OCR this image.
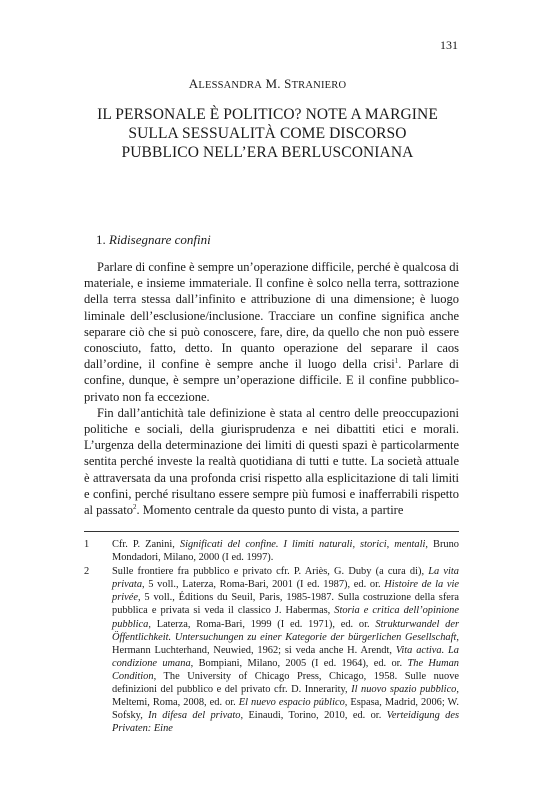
131
ALESSANDRA M. STRANIERO
IL PERSONALE È POLITICO? NOTE A MARGINE
SULLA SESSUALITÀ COME DISCORSO
PUBBLICO NELL’ERA BERLUSCONIANA
1. Ridisegnare confini

Parlare di confine è sempre un’operazione difficile, perché è qualcosa di materiale, e insieme immateriale. Il confine è solco nella terra, sottrazione della terra stessa dall’infinito e attribuzione di una dimensione; è luogo liminale dell’esclusione/inclusione. Tracciare un confine significa anche separare ciò che si può conoscere, fare, dire, da quello che non può essere conosciuto, fatto, detto. In quanto operazione del separare il caos dall’ordine, il confine è sempre anche il luogo della crisi$^1$. Parlare di confine, dunque, è sempre un’operazione difficile. E il confine pubblico-privato non fa eccezione.

Fin dall’antichità tale definizione è stata al centro delle preoccupazioni politiche e sociali, della giurisprudenza e nei dibattiti etici e morali. L’urgenza della determinazione dei limiti di questi spazi è particolarmente sentita perché investe la realtà quotidiana di tutti e tutte. La società attuale è attraversata da una profonda crisi rispetto alla esplicitazione di tali limiti e confini, perché risultano essere sempre più fumosi e inafferrabili rispetto al passato$^2$. Momento centrale da questo punto di vista, a partire

1	Cfr. P. Zanini, Significati del confine. I limiti naturali, storici, mentali, Bruno Mondadori, Milano, 2000 (I ed. 1997).
2	Sulle frontiere fra pubblico e privato cfr. P. Ariès, G. Duby (a cura di), La vita privata, 5 voll., Laterza, Roma-Bari, 2001 (I ed. 1987), ed. or. Histoire de la vie privée, 5 voll., Éditions du Seuil, Paris, 1985-1987. Sulla costruzione della sfera pubblica e privata si veda il classico J. Habermas, Storia e critica dell’opinione pubblica, Laterza, Roma-Bari, 1999 (I ed. 1971), ed. or. Strukturwandel der Öffentlichkeit. Untersuchungen zu einer Kategorie der bürgerlichen Gesellschaft, Hermann Luchterhand, Neuwied, 1962; si veda anche H. Arendt, Vita activa. La condizione umana, Bompiani, Milano, 2005 (I ed. 1964), ed. or. The Human Condition, The University of Chicago Press, Chicago, 1958. Sulle nuove definizioni del pubblico e del privato cfr. D. Innerarity, Il nuovo spazio pubblico, Meltemi, Roma, 2008, ed. or. El nuevo espacio público, Espasa, Madrid, 2006; W. Sofsky, In difesa del privato, Einaudi, Torino, 2010, ed. or. Verteidigung des Privaten: Eine
